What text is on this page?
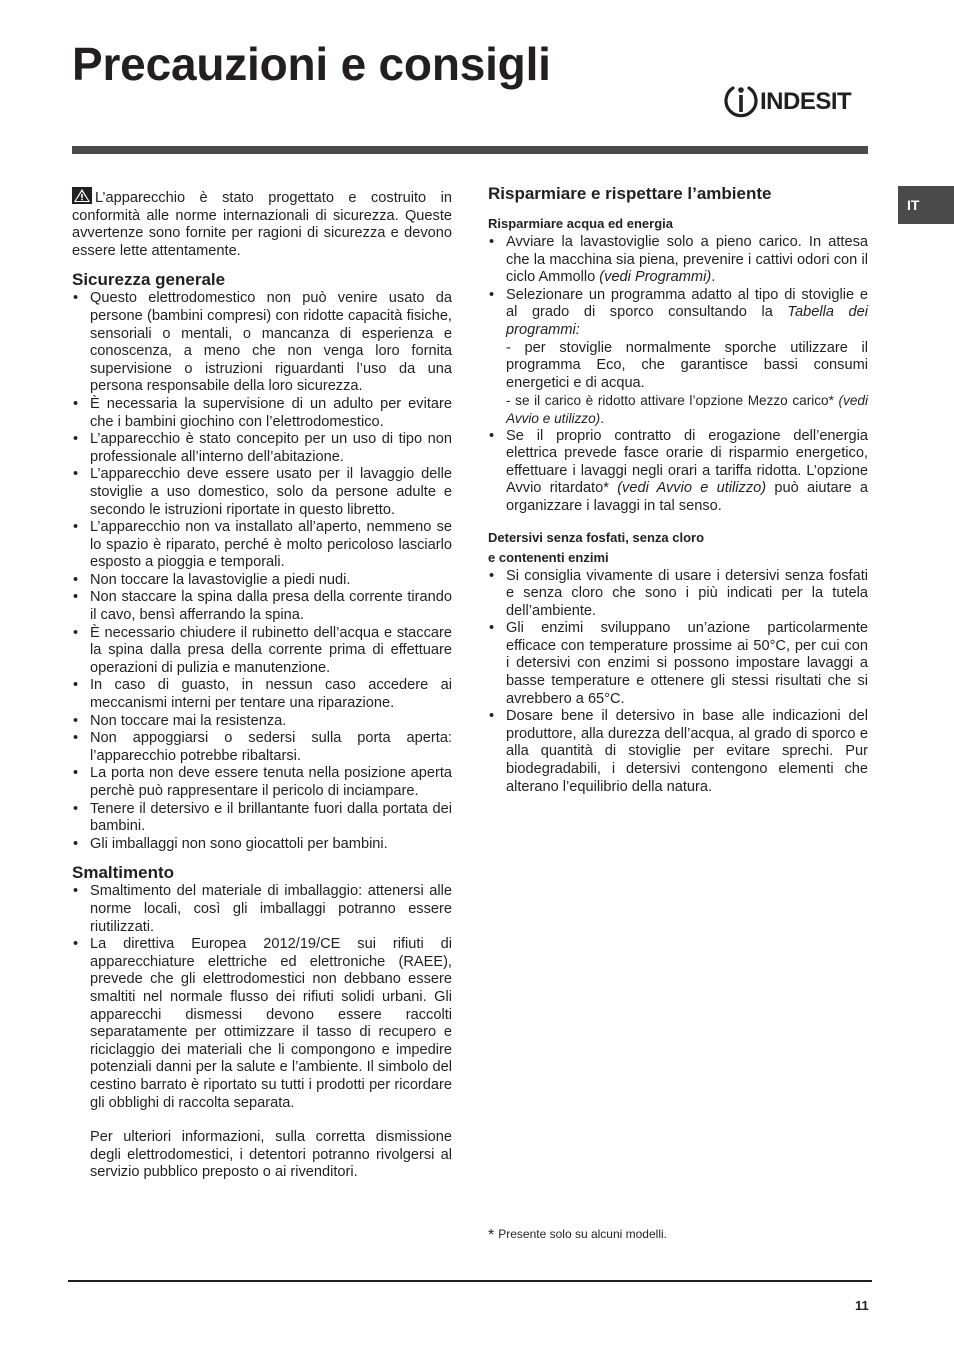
Precauzioni e consigli
INDESIT
IT

L’apparecchio è stato progettato e costruito in conformità alle norme internazionali di sicurezza. Queste avvertenze sono fornite per ragioni di sicurezza e devono essere lette attentamente.

Sicurezza generale
• Questo elettrodomestico non può venire usato da persone (bambini compresi) con ridotte capacità fisiche, sensoriali o mentali, o mancanza di esperienza e conoscenza, a meno che non venga loro fornita supervisione o istruzioni riguardanti l’uso da una persona responsabile della loro sicurezza.
• È necessaria la supervisione di un adulto per evitare che i bambini giochino con l’elettrodomestico.
• L’apparecchio è stato concepito per un uso di tipo non professionale all’interno dell’abitazione.
• L’apparecchio deve essere usato per il lavaggio delle stoviglie a uso domestico, solo da persone adulte e secondo le istruzioni riportate in questo libretto.
• L’apparecchio non va installato all’aperto, nemmeno se lo spazio è riparato, perché è molto pericoloso lasciarlo esposto a pioggia e temporali.
• Non toccare la lavastoviglie a piedi nudi.
• Non staccare la spina dalla presa della corrente tirando il cavo, bensì afferrando la spina.
• È necessario chiudere il rubinetto dell’acqua e staccare la spina dalla presa della corrente prima di effettuare operazioni di pulizia e manutenzione.
• In caso di guasto, in nessun caso accedere ai meccanismi interni per tentare una riparazione.
• Non toccare mai la resistenza.
• Non appoggiarsi o sedersi sulla porta aperta: l’apparecchio potrebbe ribaltarsi.
• La porta non deve essere tenuta nella posizione aperta perchè può rappresentare il pericolo di inciampare.
• Tenere il detersivo e il brillantante fuori dalla portata dei bambini.
• Gli imballaggi non sono giocattoli per bambini.
Smaltimento
• Smaltimento del materiale di imballaggio: attenersi alle norme locali, così gli imballaggi potranno essere riutilizzati.
• La direttiva Europea 2012/19/CE sui rifiuti di apparecchiature elettriche ed elettroniche (RAEE), prevede che gli elettrodomestici non debbano essere smaltiti nel normale flusso dei rifiuti solidi urbani. Gli apparecchi dismessi devono essere raccolti separatamente per ottimizzare il tasso di recupero e riciclaggio dei materiali che li compongono e impedire potenziali danni per la salute e l’ambiente. Il simbolo del cestino barrato è riportato su tutti i prodotti per ricordare gli obblighi di raccolta separata.

Per ulteriori informazioni, sulla corretta dismissione degli elettrodomestici, i detentori potranno rivolgersi al servizio pubblico preposto o ai rivenditori.

Risparmiare e rispettare l’ambiente
Risparmiare acqua ed energia
• Avviare la lavastoviglie solo a pieno carico. In attesa che la macchina sia piena, prevenire i cattivi odori con il ciclo Ammollo (vedi Programmi).
• Selezionare un programma adatto al tipo di stoviglie e al grado di sporco consultando la Tabella dei programmi:
- per stoviglie normalmente sporche utilizzare il programma Eco, che garantisce bassi consumi energetici e di acqua.
- se il carico è ridotto attivare l’opzione Mezzo carico* (vedi Avvio e utilizzo).
• Se il proprio contratto di erogazione dell’energia elettrica prevede fasce orarie di risparmio energetico, effettuare i lavaggi negli orari a tariffa ridotta. L’opzione Avvio ritardato* (vedi Avvio e utilizzo) può aiutare a organizzare i lavaggi in tal senso.
Detersivi senza fosfati, senza cloro
e contenenti enzimi
• Si consiglia vivamente di usare i detersivi senza fosfati e senza cloro che sono i più indicati per la tutela dell’ambiente.
• Gli enzimi sviluppano un’azione particolarmente efficace con temperature prossime ai 50°C, per cui con i detersivi con enzimi si possono impostare lavaggi a basse temperature e ottenere gli stessi risultati che si avrebbero a 65°C.
• Dosare bene il detersivo in base alle indicazioni del produttore, alla durezza dell’acqua, al grado di sporco e alla quantità di stoviglie per evitare sprechi. Pur biodegradabili, i detersivi contengono elementi che alterano l’equilibrio della natura.
* Presente solo su alcuni modelli.
11
